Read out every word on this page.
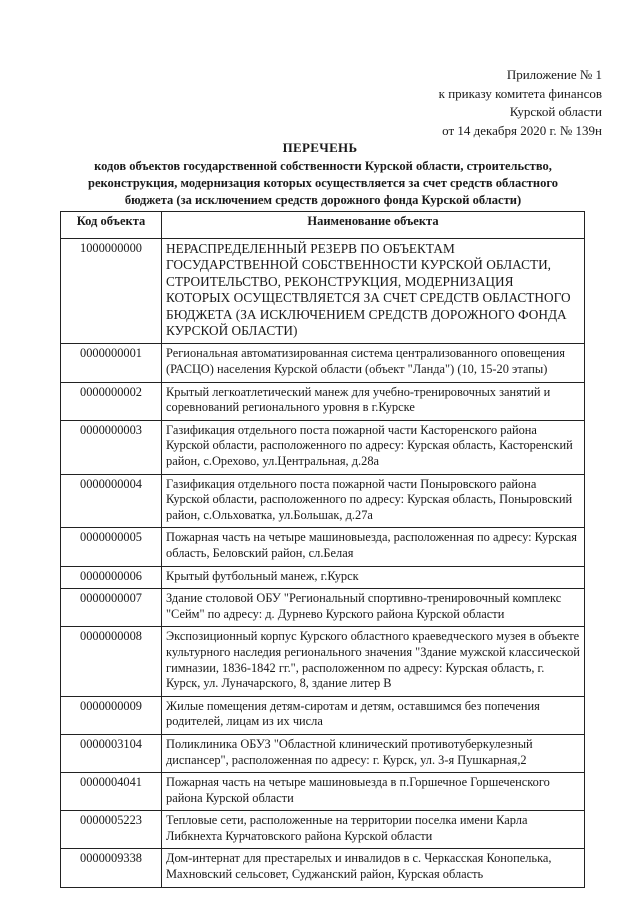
Приложение № 1
к приказу комитета финансов
Курской области
от 14 декабря 2020 г. № 139н
ПЕРЕЧЕНЬ
кодов объектов государственной собственности Курской области, строительство,
реконструкция, модернизация которых осуществляется за счет средств областного
бюджета (за исключением средств дорожного фонда Курской области)
Код объекта	Наименование объекта
1000000000	НЕРАСПРЕДЕЛЕННЫЙ РЕЗЕРВ ПО ОБЪЕКТАМ ГОСУДАРСТВЕННОЙ СОБСТВЕННОСТИ КУРСКОЙ ОБЛАСТИ, СТРОИТЕЛЬСТВО, РЕКОНСТРУКЦИЯ, МОДЕРНИЗАЦИЯ КОТОРЫХ ОСУЩЕСТВЛЯЕТСЯ ЗА СЧЕТ СРЕДСТВ ОБЛАСТНОГО БЮДЖЕТА (ЗА ИСКЛЮЧЕНИЕМ СРЕДСТВ ДОРОЖНОГО ФОНДА КУРСКОЙ ОБЛАСТИ)
0000000001	Региональная автоматизированная система централизованного оповещения (РАСЦО) населения Курской области (объект "Ланда") (10, 15-20 этапы)
0000000002	Крытый легкоатлетический манеж для учебно-тренировочных занятий и соревнований регионального уровня в г.Курске
0000000003	Газификация отдельного поста пожарной части Касторенского района Курской области, расположенного по адресу: Курская область, Касторенский район, с.Орехово, ул.Центральная, д.28а
0000000004	Газификация отдельного поста пожарной части Поныровского района Курской области, расположенного по адресу: Курская область, Поныровский район, с.Ольховатка, ул.Большак, д.27а
0000000005	Пожарная часть на четыре машиновыезда, расположенная по адресу: Курская область, Беловский район, сл.Белая
0000000006	Крытый футбольный манеж, г.Курск
0000000007	Здание столовой ОБУ "Региональный спортивно-тренировочный комплекс "Сейм" по адресу: д. Дурнево Курского района Курской области
0000000008	Экспозиционный корпус Курского областного краеведческого музея в объекте культурного наследия регионального значения "Здание мужской классической гимназии, 1836-1842 гг.", расположенном по адресу: Курская область, г. Курск, ул. Луначарского, 8, здание литер В
0000000009	Жилые помещения детям-сиротам и детям, оставшимся без попечения родителей, лицам из их числа
0000003104	Поликлиника ОБУЗ "Областной клинический противотуберкулезный диспансер", расположенная по адресу: г. Курск, ул. 3-я Пушкарная,2
0000004041	Пожарная часть на четыре машиновыезда в п.Горшечное Горшеченского района Курской области
0000005223	Тепловые сети, расположенные на территории поселка имени Карла Либкнехта Курчатовского района Курской области
0000009338	Дом-интернат для престарелых и инвалидов в с. Черкасская Конопелька, Махновский сельсовет, Суджанский район, Курская область
